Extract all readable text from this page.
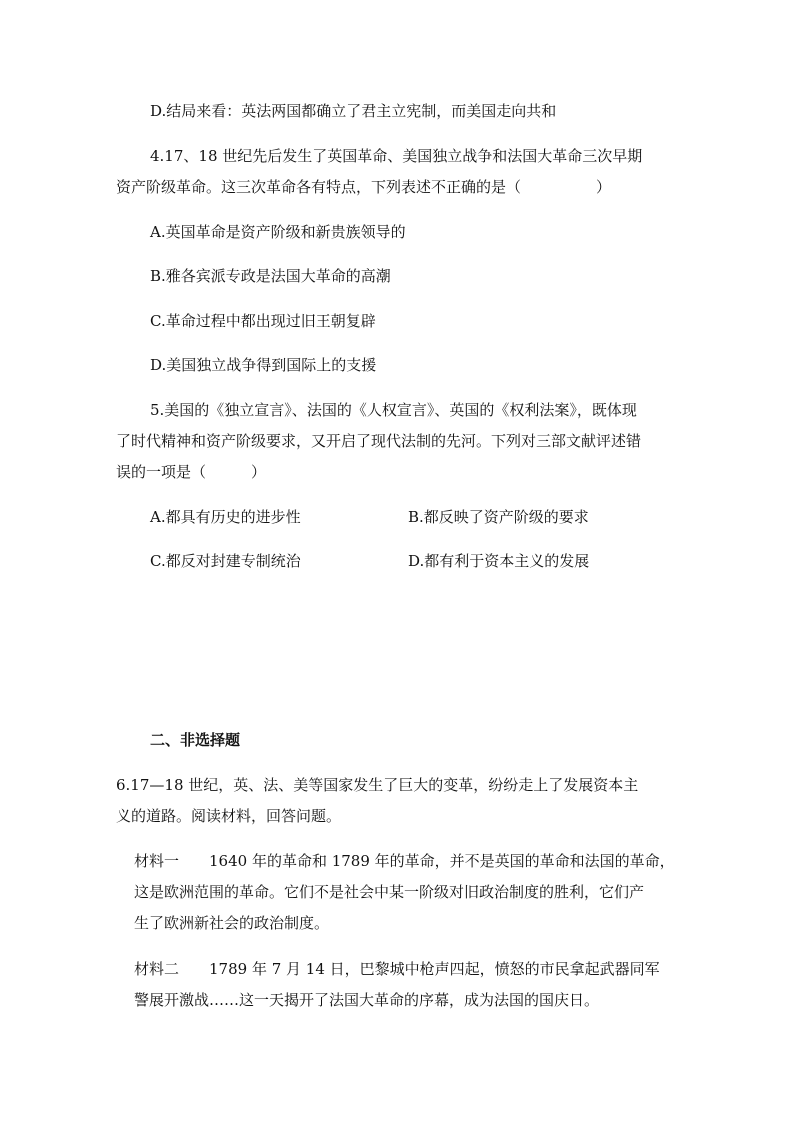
D.结局来看：英法两国都确立了君主立宪制，而美国走向共和
4.17、18 世纪先后发生了英国革命、美国独立战争和法国大革命三次早期
资产阶级革命。这三次革命各有特点，下列表述不正确的是（　　　　　）
A.英国革命是资产阶级和新贵族领导的
B.雅各宾派专政是法国大革命的高潮
C.革命过程中都出现过旧王朝复辟
D.美国独立战争得到国际上的支援
5.美国的《独立宣言》、法国的《人权宣言》、英国的《权利法案》，既体现
了时代精神和资产阶级要求，又开启了现代法制的先河。下列对三部文献评述错
误的一项是（　　　）
A.都具有历史的进步性	B.都反映了资产阶级的要求
C.都反对封建专制统治	D.都有利于资本主义的发展
二、非选择题
6.17—18 世纪，英、法、美等国家发生了巨大的变革，纷纷走上了发展资本主
义的道路。阅读材料，回答问题。
材料一　　1640 年的革命和 1789 年的革命，并不是英国的革命和法国的革命，
这是欧洲范围的革命。它们不是社会中某一阶级对旧政治制度的胜利，它们产
生了欧洲新社会的政治制度。
材料二　　1789 年 7 月 14 日，巴黎城中枪声四起，愤怒的市民拿起武器同军
警展开激战……这一天揭开了法国大革命的序幕，成为法国的国庆日。
